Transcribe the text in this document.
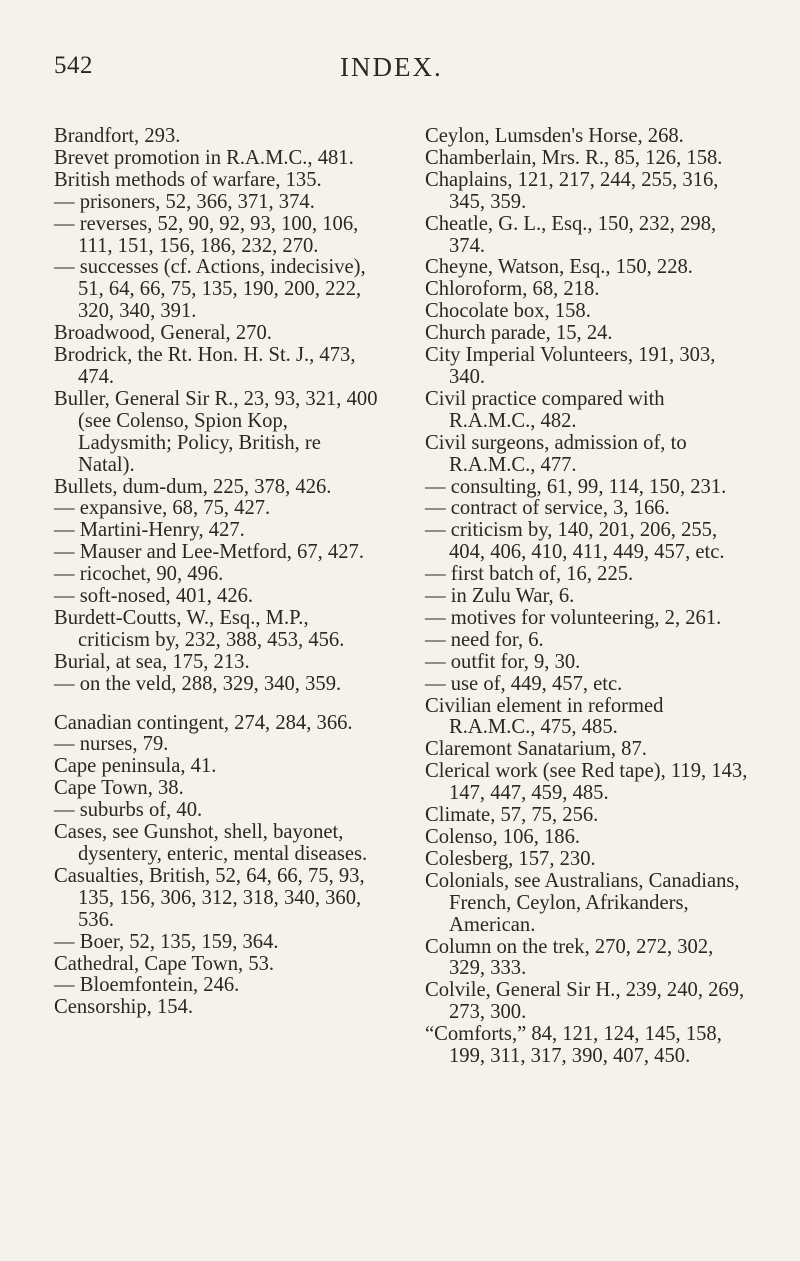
542	INDEX.

Brandfort, 293.

Brevet promotion in R.A.M.C., 481.

British methods of warfare, 135.

— prisoners, 52, 366, 371, 374.

— reverses, 52, 90, 92, 93, 100, 106, 111, 151, 156, 186, 232, 270.

— successes (cf. Actions, indecisive), 51, 64, 66, 75, 135, 190, 200, 222, 320, 340, 391.

Broadwood, General, 270.

Brodrick, the Rt. Hon. H. St. J., 473, 474.

Buller, General Sir R., 23, 93, 321, 400 (see Colenso, Spion Kop, Ladysmith; Policy, British, re Natal).

Bullets, dum-dum, 225, 378, 426.

— expansive, 68, 75, 427.

— Martini-Henry, 427.

— Mauser and Lee-Metford, 67, 427.

— ricochet, 90, 496.

— soft-nosed, 401, 426.

Burdett-Coutts, W., Esq., M.P., criticism by, 232, 388, 453, 456.

Burial, at sea, 175, 213.

— on the veld, 288, 329, 340, 359.

Canadian contingent, 274, 284, 366.

— nurses, 79.

Cape peninsula, 41.

Cape Town, 38.

— suburbs of, 40.

Cases, see Gunshot, shell, bayonet, dysentery, enteric, mental diseases.

Casualties, British, 52, 64, 66, 75, 93, 135, 156, 306, 312, 318, 340, 360, 536.

— Boer, 52, 135, 159, 364.

Cathedral, Cape Town, 53.

— Bloemfontein, 246.

Censorship, 154.

Ceylon, Lumsden's Horse, 268.

Chamberlain, Mrs. R., 85, 126, 158.

Chaplains, 121, 217, 244, 255, 316, 345, 359.

Cheatle, G. L., Esq., 150, 232, 298, 374.

Cheyne, Watson, Esq., 150, 228.

Chloroform, 68, 218.

Chocolate box, 158.

Church parade, 15, 24.

City Imperial Volunteers, 191, 303, 340.

Civil practice compared with R.A.M.C., 482.

Civil surgeons, admission of, to R.A.M.C., 477.

— consulting, 61, 99, 114, 150, 231.

— contract of service, 3, 166.

— criticism by, 140, 201, 206, 255, 404, 406, 410, 411, 449, 457, etc.

— first batch of, 16, 225.

— in Zulu War, 6.

— motives for volunteering, 2, 261.

— need for, 6.

— outfit for, 9, 30.

— use of, 449, 457, etc.

Civilian element in reformed R.A.M.C., 475, 485.

Claremont Sanatarium, 87.

Clerical work (see Red tape), 119, 143, 147, 447, 459, 485.

Climate, 57, 75, 256.

Colenso, 106, 186.

Colesberg, 157, 230.

Colonials, see Australians, Canadians, French, Ceylon, Afrikanders, American.

Column on the trek, 270, 272, 302, 329, 333.

Colvile, General Sir H., 239, 240, 269, 273, 300.

“Comforts,” 84, 121, 124, 145, 158, 199, 311, 317, 390, 407, 450.
